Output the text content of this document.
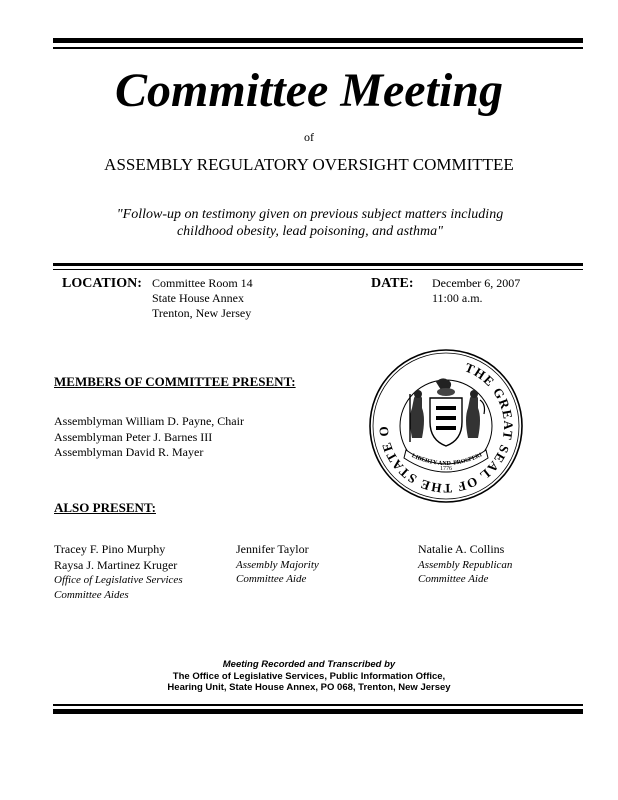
Committee Meeting
of
ASSEMBLY REGULATORY OVERSIGHT COMMITTEE
"Follow-up on testimony given on previous subject matters including
childhood obesity, lead poisoning, and asthma"
LOCATION: Committee Room 14
State House Annex
Trenton, New Jersey
DATE: December 6, 2007
11:00 a.m.
THE GREAT SEAL OF THE STATE O
LIBERTY AND PROSPERI
1776
MEMBERS OF COMMITTEE PRESENT:
Assemblyman William D. Payne, Chair
Assemblyman Peter J. Barnes III
Assemblyman David R. Mayer
ALSO PRESENT:
Tracey F. Pino Murphy
Raysa J. Martinez Kruger
Office of Legislative Services
Committee Aides
Jennifer Taylor
Assembly Majority
Committee Aide
Natalie A. Collins
Assembly Republican
Committee Aide
Meeting Recorded and Transcribed by
The Office of Legislative Services, Public Information Office,
Hearing Unit, State House Annex, PO 068, Trenton, New Jersey
